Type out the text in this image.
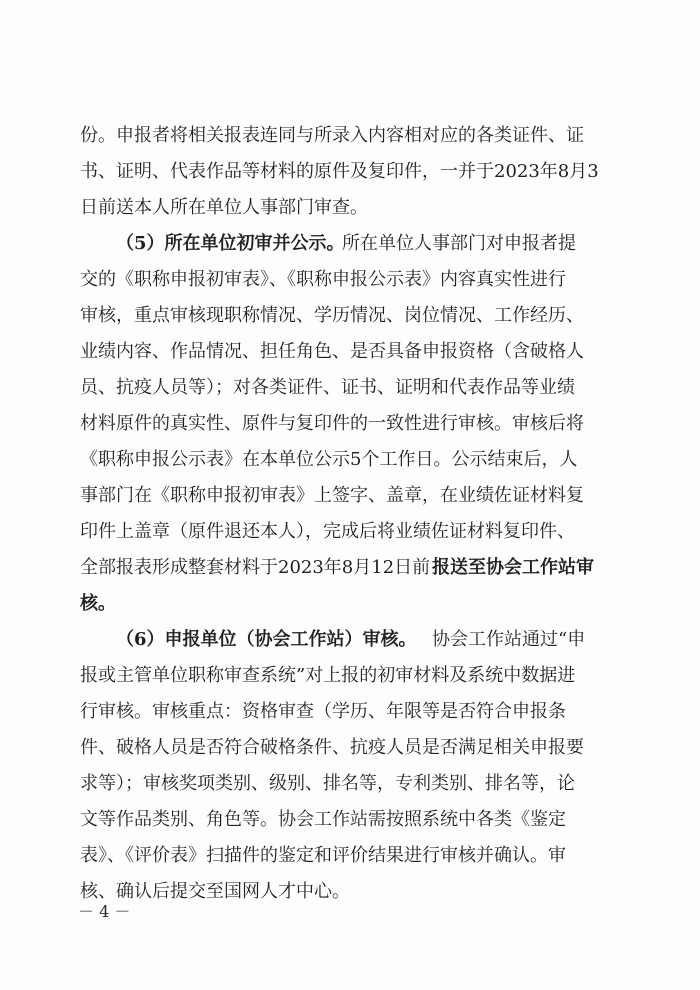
份。申报者将相关报表连同与所录入内容相对应的各类证件、证
书、证明、代表作品等材料的原件及复印件，一并于2023年8月3
日前送本人所在单位人事部门审查。
（5）所在单位初审并公示。
所在单位人事部门对申报者提
交的《职称申报初审表》、《职称申报公示表》内容真实性进行
审核，重点审核现职称情况、学历情况、岗位情况、工作经历、
业绩内容、作品情况、担任角色、是否具备申报资格（含破格人
员、抗疫人员等）；对各类证件、证书、证明和代表作品等业绩
材料原件的真实性、原件与复印件的一致性进行审核。审核后将
《职称申报公示表》在本单位公示5个工作日。公示结束后，人
事部门在《职称申报初审表》上签字、盖章，在业绩佐证材料复
印件上盖章（原件退还本人），完成后将业绩佐证材料复印件、
全部报表形成整套材料于2023年8月12日前 报送至协会工作站审
核。
（6）申报单位（协会工作站）审核。 协会工作站通过“申
报或主管单位职称审查系统”对上报的初审材料及系统中数据进
行审核。审核重点：资格审查（学历、年限等是否符合申报条
件、破格人员是否符合破格条件、抗疫人员是否满足相关申报要
求等）；审核奖项类别、级别、排名等，专利类别、排名等，论
文等作品类别、角色等。协会工作站需按照系统中各类《鉴定
表》、《评价表》扫描件的鉴定和评价结果进行审核并确认。审
核、确认后提交至国网人才中心。
－ 4 －
